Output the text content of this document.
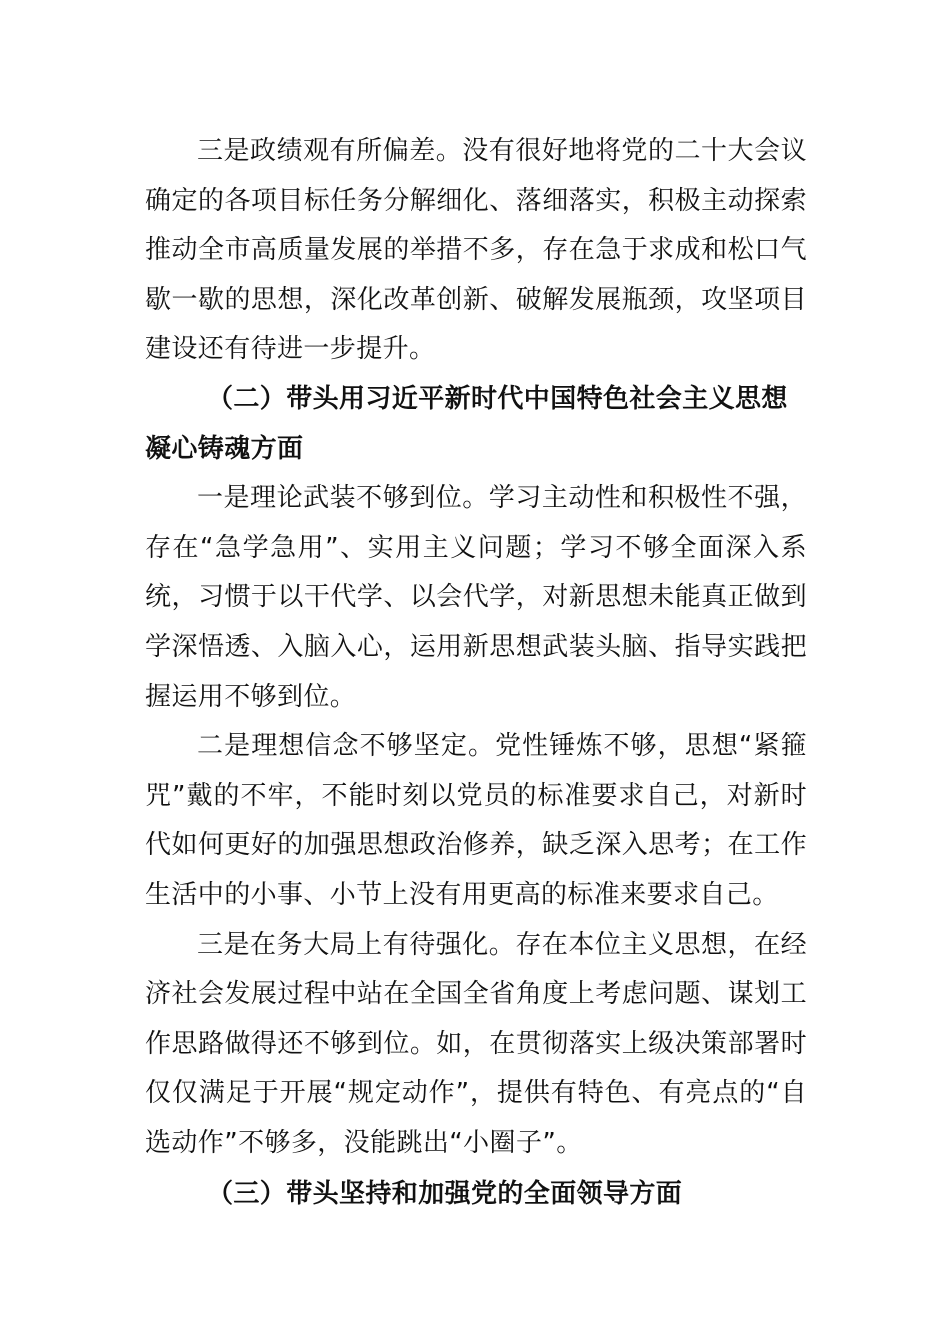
三是政绩观有所偏差。没有很好地将党的二十大会议确定的各项目标任务分解细化、落细落实，积极主动探索推动全市高质量发展的举措不多，存在急于求成和松口气歇一歇的思想，深化改革创新、破解发展瓶颈，攻坚项目建设还有待进一步提升。

（二）带头用习近平新时代中国特色社会主义思想凝心铸魂方面

一是理论武装不够到位。学习主动性和积极性不强，存在“急学急用”、实用主义问题；学习不够全面深入系统，习惯于以干代学、以会代学，对新思想未能真正做到学深悟透、入脑入心，运用新思想武装头脑、指导实践把握运用不够到位。

二是理想信念不够坚定。党性锤炼不够，思想“紧箍咒”戴的不牢，不能时刻以党员的标准要求自己，对新时代如何更好的加强思想政治修养，缺乏深入思考；在工作生活中的小事、小节上没有用更高的标准来要求自己。

三是在务大局上有待强化。存在本位主义思想，在经济社会发展过程中站在全国全省角度上考虑问题、谋划工作思路做得还不够到位。如，在贯彻落实上级决策部署时仅仅满足于开展“规定动作”，提供有特色、有亮点的“自选动作”不够多，没能跳出“小圈子”。

（三）带头坚持和加强党的全面领导方面
